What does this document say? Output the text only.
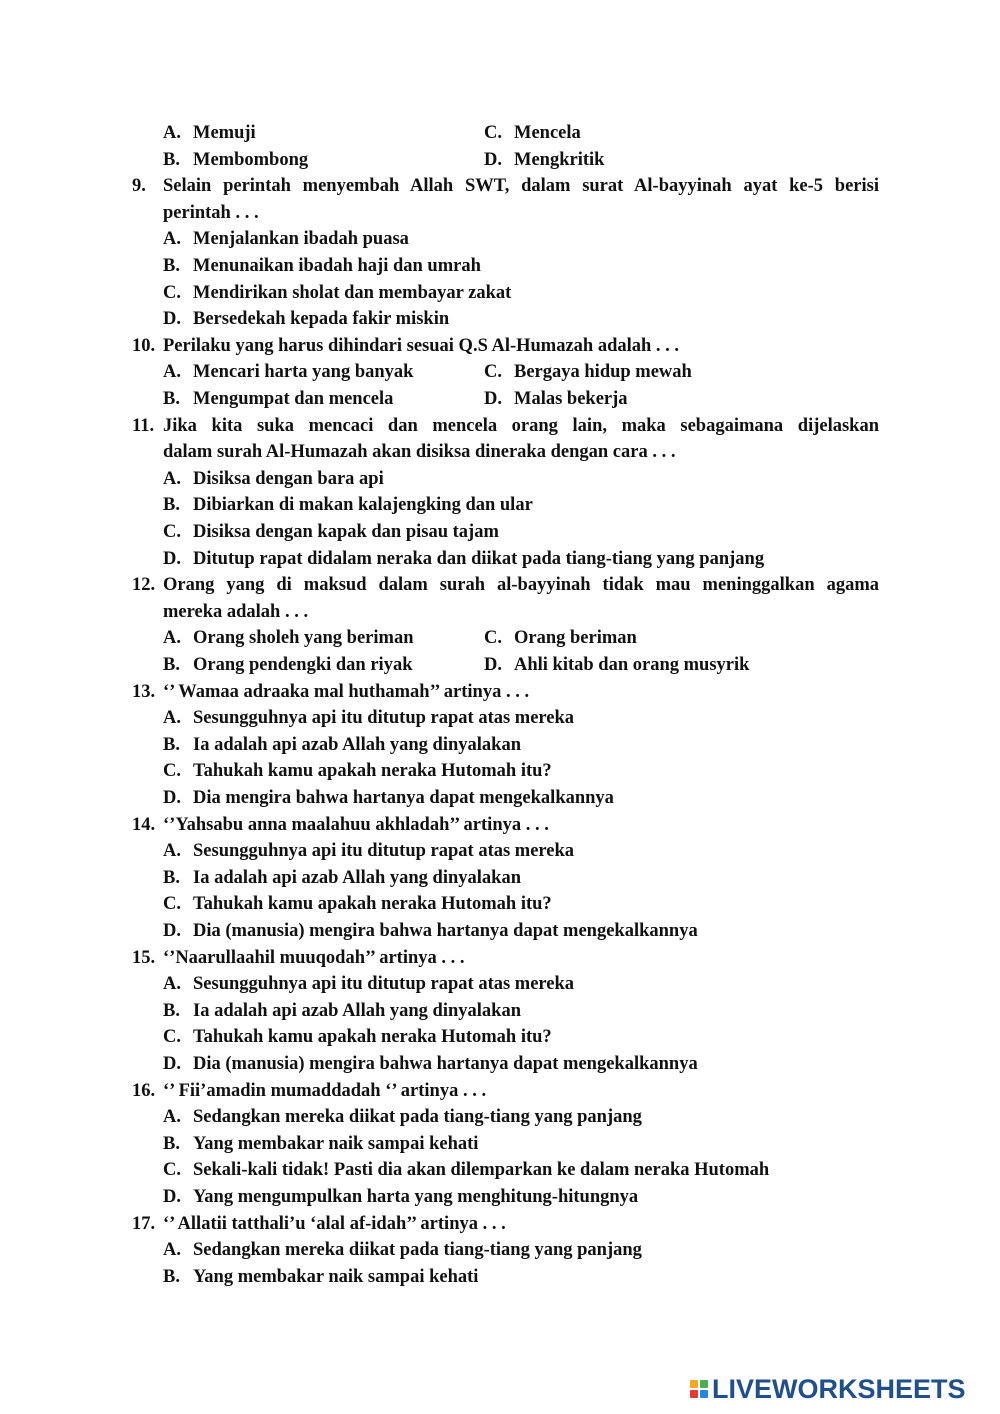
A. Memuji	C. Mencela
B. Membombong	D. Mengkritik
9. Selain perintah menyembah Allah SWT, dalam surat Al-bayyinah ayat ke-5 berisi
perintah . . .
A. Menjalankan ibadah puasa
B. Menunaikan ibadah haji dan umrah
C. Mendirikan sholat dan membayar zakat
D. Bersedekah kepada fakir miskin
10. Perilaku yang harus dihindari sesuai Q.S Al-Humazah adalah . . .
A. Mencari harta yang banyak	C. Bergaya hidup mewah
B. Mengumpat dan mencela	D. Malas bekerja
11. Jika kita suka mencaci dan mencela orang lain, maka sebagaimana dijelaskan
dalam surah Al-Humazah akan disiksa dineraka dengan cara . . .
A. Disiksa dengan bara api
B. Dibiarkan di makan kalajengking dan ular
C. Disiksa dengan kapak dan pisau tajam
D. Ditutup rapat didalam neraka dan diikat pada tiang-tiang yang panjang
12. Orang yang di maksud dalam surah al-bayyinah tidak mau meninggalkan agama
mereka adalah . . .
A. Orang sholeh yang beriman	C. Orang beriman
B. Orang pendengki dan riyak	D. Ahli kitab dan orang musyrik
13. ‘’ Wamaa adraaka mal huthamah’’ artinya . . .
A. Sesungguhnya api itu ditutup rapat atas mereka
B. Ia adalah api azab Allah yang dinyalakan
C. Tahukah kamu apakah neraka Hutomah itu?
D. Dia mengira bahwa hartanya dapat mengekalkannya
14. ‘’Yahsabu anna maalahuu akhladah’’ artinya . . .
A. Sesungguhnya api itu ditutup rapat atas mereka
B. Ia adalah api azab Allah yang dinyalakan
C. Tahukah kamu apakah neraka Hutomah itu?
D. Dia (manusia) mengira bahwa hartanya dapat mengekalkannya
15. ‘’Naarullaahil muuqodah’’ artinya . . .
A. Sesungguhnya api itu ditutup rapat atas mereka
B. Ia adalah api azab Allah yang dinyalakan
C. Tahukah kamu apakah neraka Hutomah itu?
D. Dia (manusia) mengira bahwa hartanya dapat mengekalkannya
16. ‘’ Fii’amadin mumaddadah ‘’ artinya . . .
A. Sedangkan mereka diikat pada tiang-tiang yang panjang
B. Yang membakar naik sampai kehati
C. Sekali-kali tidak! Pasti dia akan dilemparkan ke dalam neraka Hutomah
D. Yang mengumpulkan harta yang menghitung-hitungnya
17. ‘’ Allatii tatthali’u ‘alal af-idah’’ artinya . . .
A. Sedangkan mereka diikat pada tiang-tiang yang panjang
B. Yang membakar naik sampai kehati
LIVEWORKSHEETS
